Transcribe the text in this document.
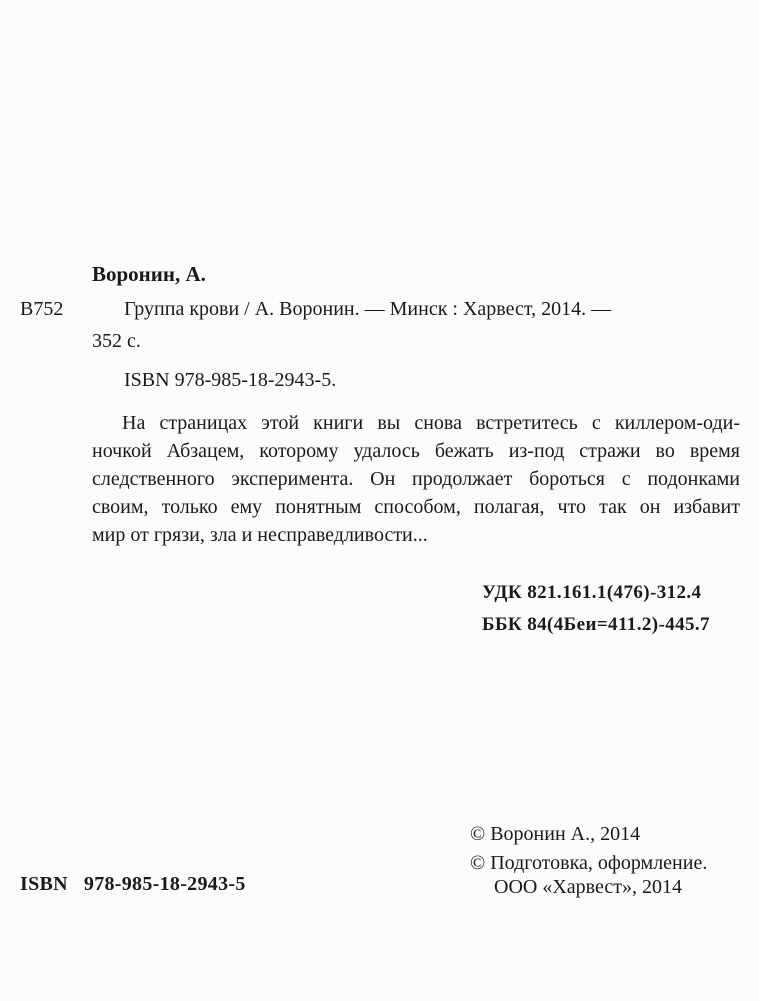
Воронин, А.
В752	Группа крови / А. Воронин. — Минск : Харвест, 2014. —
352 с.
ISBN 978-985-18-2943-5.
На страницах этой книги вы снова встретитесь с киллером-оди-
ночкой Абзацем, которому удалось бежать из-под стражи во время
следственного эксперимента. Он продолжает бороться с подонками
своим, только ему понятным способом, полагая, что так он избавит
мир от грязи, зла и несправедливости...
УДК 821.161.1(476)-312.4
ББК 84(4Беи=411.2)-445.7
© Воронин А., 2014
© Подготовка, оформление.
ООО «Харвест», 2014
ISBN 978-985-18-2943-5
